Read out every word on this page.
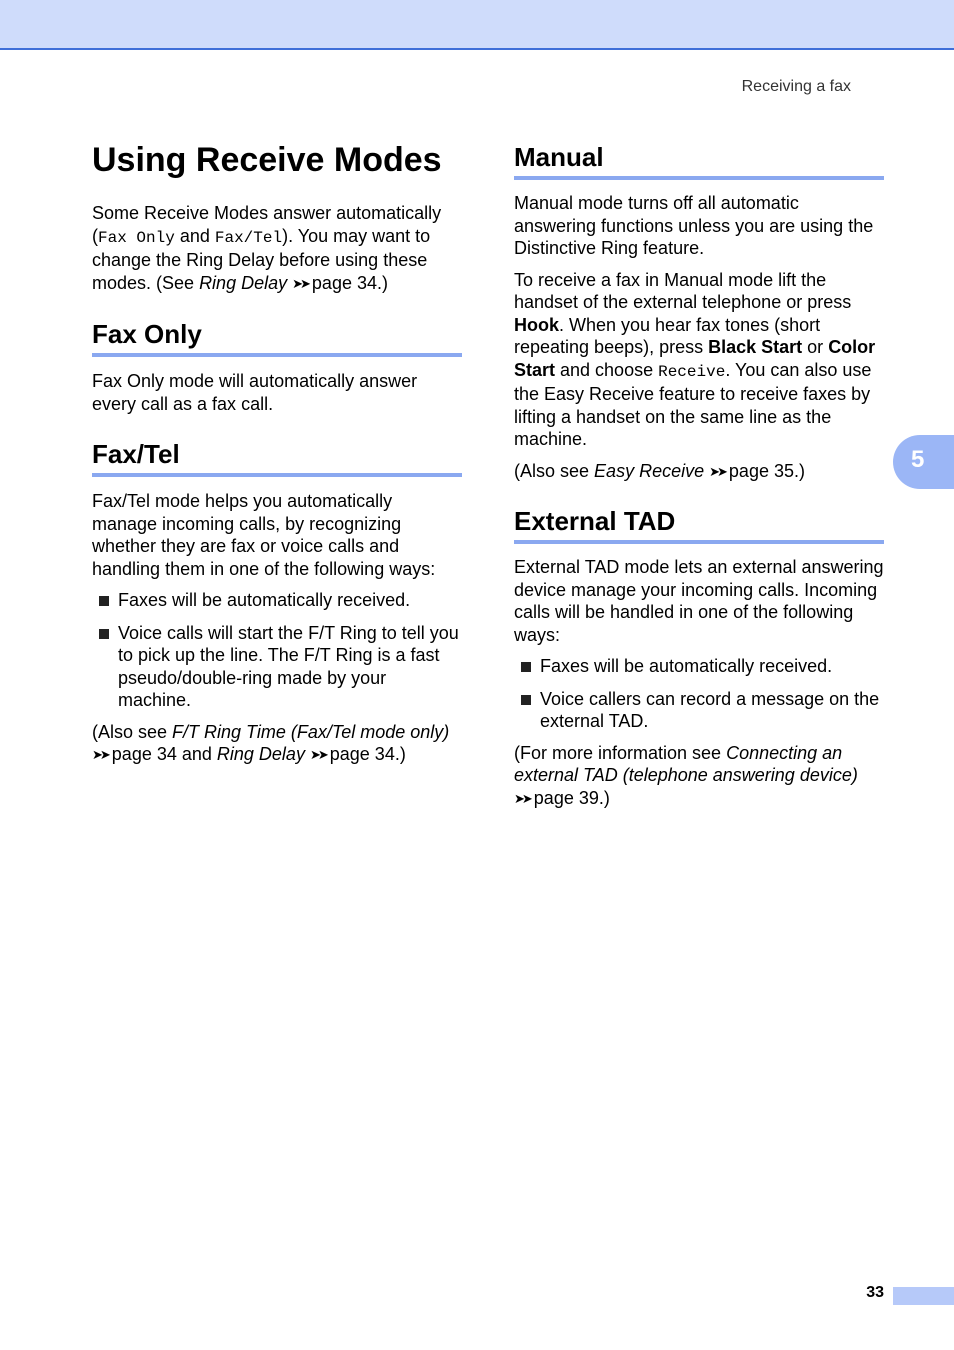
Receiving a fax
Using Receive Modes

Some Receive Modes answer automatically (Fax Only and Fax/Tel). You may want to change the Ring Delay before using these modes. (See Ring Delay ➤➤ page 34.)

Fax Only

Fax Only mode will automatically answer every call as a fax call.

Fax/Tel

Fax/Tel mode helps you automatically manage incoming calls, by recognizing whether they are fax or voice calls and handling them in one of the following ways:

Faxes will be automatically received.
Voice calls will start the F/T Ring to tell you to pick up the line. The F/T Ring is a fast pseudo/double-ring made by your machine.

(Also see F/T Ring Time (Fax/Tel mode only)
➤➤ page 34 and Ring Delay ➤➤ page 34.)

Manual

Manual mode turns off all automatic answering functions unless you are using the Distinctive Ring feature.

To receive a fax in Manual mode lift the handset of the external telephone or press Hook. When you hear fax tones (short repeating beeps), press Black Start or Color Start and choose Receive. You can also use the Easy Receive feature to receive faxes by lifting a handset on the same line as the machine.

(Also see Easy Receive ➤➤ page 35.)

External TAD

External TAD mode lets an external answering device manage your incoming calls. Incoming calls will be handled in one of the following ways:

Faxes will be automatically received.
Voice callers can record a message on the external TAD.

(For more information see Connecting an external TAD (telephone answering device)
➤➤ page 39.)

5
33
